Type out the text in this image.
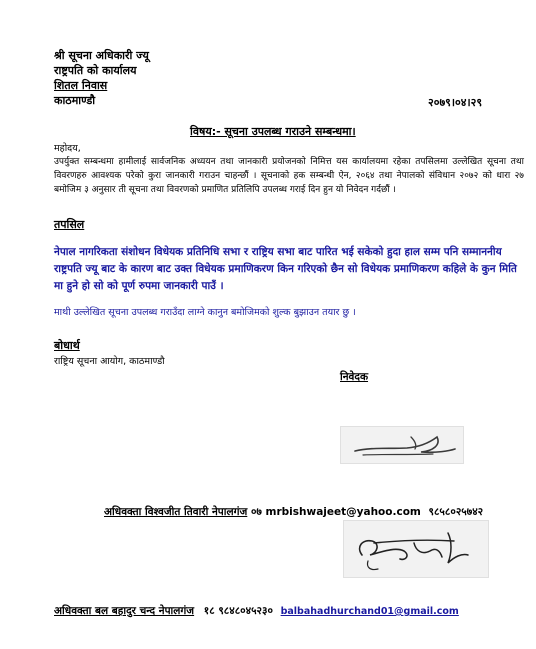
श्री सूचना अधिकारी ज्यू
राष्ट्रपति को कार्यालय
शितल निवास
काठमाण्डौ	२०७९।०४।२९
विषय:- सूचना उपलब्ध गराउने सम्बन्धमा।
महोदय,
उपर्युक्त सम्बन्धमा हामीलाई सार्वजनिक अध्ययन तथा जानकारी प्रयोजनको निमित्त यस कार्यालयमा रहेका तपसिलमा उल्लेखित सूचना तथा विवरणहरु आवश्यक परेको कुरा जानकारी गराउन चाहन्छौं । सूचनाको हक सम्बन्धी ऐन, २०६४ तथा नेपालको संविधान २०७२ को धारा २७ बमोजिम ३ अनुसार ती सूचना तथा विवरणको प्रमाणित प्रतिलिपि उपलब्ध गराई दिन हुन यो निवेदन गर्दछौं ।
तपसिल
नेपाल नागरिकता संशोधन विधेयक प्रतिनिधि सभा र राष्ट्रिय सभा बाट पारित भई सकेको हुदा हाल सम्म पनि सम्माननीय राष्ट्रपति ज्यू बाट के कारण बाट उक्त विधेयक प्रमाणिकरण किन गरिएको छैन सो विधेयक प्रमाणिकरण कहिले के कुन मिति मा हुने हो सो को पूर्ण रुपमा जानकारी पाउँ ।
माथी उल्लेखित सूचना उपलब्ध गराउँदा लाग्ने कानुन बमोजिमको शुल्क बुझाउन तयार छु ।
बोधार्थ
राष्ट्रिय सूचना आयोग, काठमाण्डौ
निवेदक
अधिवक्ता विश्वजीत तिवारी नेपालगंज ०७ mrbishwajeet@yahoo.com ९८५८०२५७४२
अधिवक्ता बल बहादुर चन्द नेपालगंज १८ ९८४८०४५२३० balbahadhurchand01@gmail.com
